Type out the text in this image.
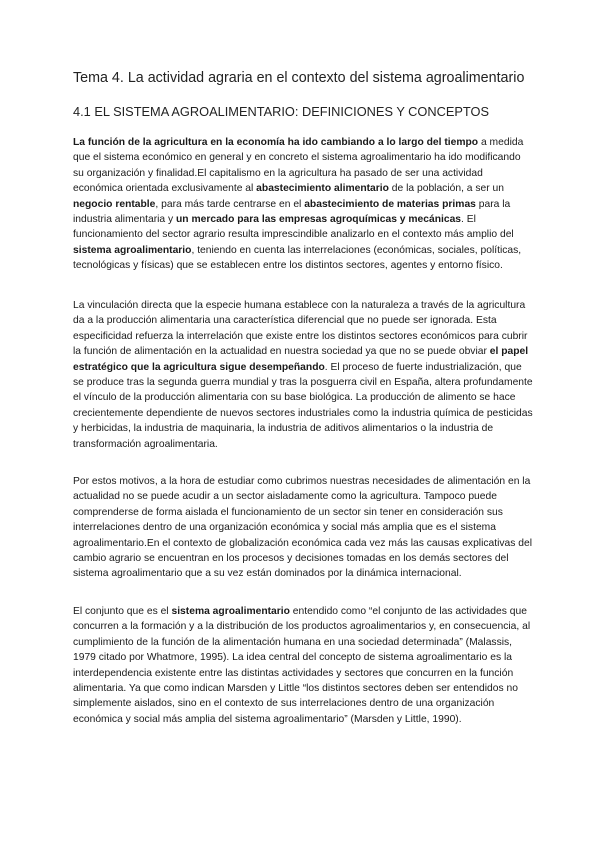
Tema 4. La actividad agraria en el contexto del sistema agroalimentario
4.1 EL SISTEMA AGROALIMENTARIO: DEFINICIONES Y CONCEPTOS

La función de la agricultura en la economía ha ido cambiando a lo largo del tiempo a medida que el sistema económico en general y en concreto el sistema agroalimentario ha ido modificando su organización y finalidad.El capitalismo en la agricultura ha pasado de ser una actividad económica orientada exclusivamente al abastecimiento alimentario de la población, a ser un negocio rentable, para más tarde centrarse en el abastecimiento de materias primas para la industria alimentaria y un mercado para las empresas agroquímicas y mecánicas. El funcionamiento del sector agrario resulta imprescindible analizarlo en el contexto más amplio del sistema agroalimentario, teniendo en cuenta las interrelaciones (económicas, sociales, políticas, tecnológicas y físicas) que se establecen entre los distintos sectores, agentes y entorno físico.

La vinculación directa que la especie humana establece con la naturaleza a través de la agricultura da a la producción alimentaria una característica diferencial que no puede ser ignorada. Esta especificidad refuerza la interrelación que existe entre los distintos sectores económicos para cubrir la función de alimentación en la actualidad en nuestra sociedad ya que no se puede obviar el papel estratégico que la agricultura sigue desempeñando. El proceso de fuerte industrialización, que se produce tras la segunda guerra mundial y tras la posguerra civil en España, altera profundamente el vínculo de la producción alimentaria con su base biológica. La producción de alimento se hace crecientemente dependiente de nuevos sectores industriales como la industria química de pesticidas y herbicidas, la industria de maquinaria, la industria de aditivos alimentarios o la industria de transformación agroalimentaria.

Por estos motivos, a la hora de estudiar como cubrimos nuestras necesidades de alimentación en la actualidad no se puede acudir a un sector aisladamente como la agricultura. Tampoco puede comprenderse de forma aislada el funcionamiento de un sector sin tener en consideración sus interrelaciones dentro de una organización económica y social más amplia que es el sistema agroalimentario.En el contexto de globalización económica cada vez más las causas explicativas del cambio agrario se encuentran en los procesos y decisiones tomadas en los demás sectores del sistema agroalimentario que a su vez están dominados por la dinámica internacional.

El conjunto que es el sistema agroalimentario entendido como “el conjunto de las actividades que concurren a la formación y a la distribución de los productos agroalimentarios y, en consecuencia, al cumplimiento de la función de la alimentación humana en una sociedad determinada” (Malassis, 1979 citado por Whatmore, 1995). La idea central del concepto de sistema agroalimentario es la interdependencia existente entre las distintas actividades y sectores que concurren en la función alimentaria. Ya que como indican Marsden y Little “los distintos sectores deben ser entendidos no simplemente aislados, sino en el contexto de sus interrelaciones dentro de una organización económica y social más amplia del sistema agroalimentario” (Marsden y Little, 1990).
